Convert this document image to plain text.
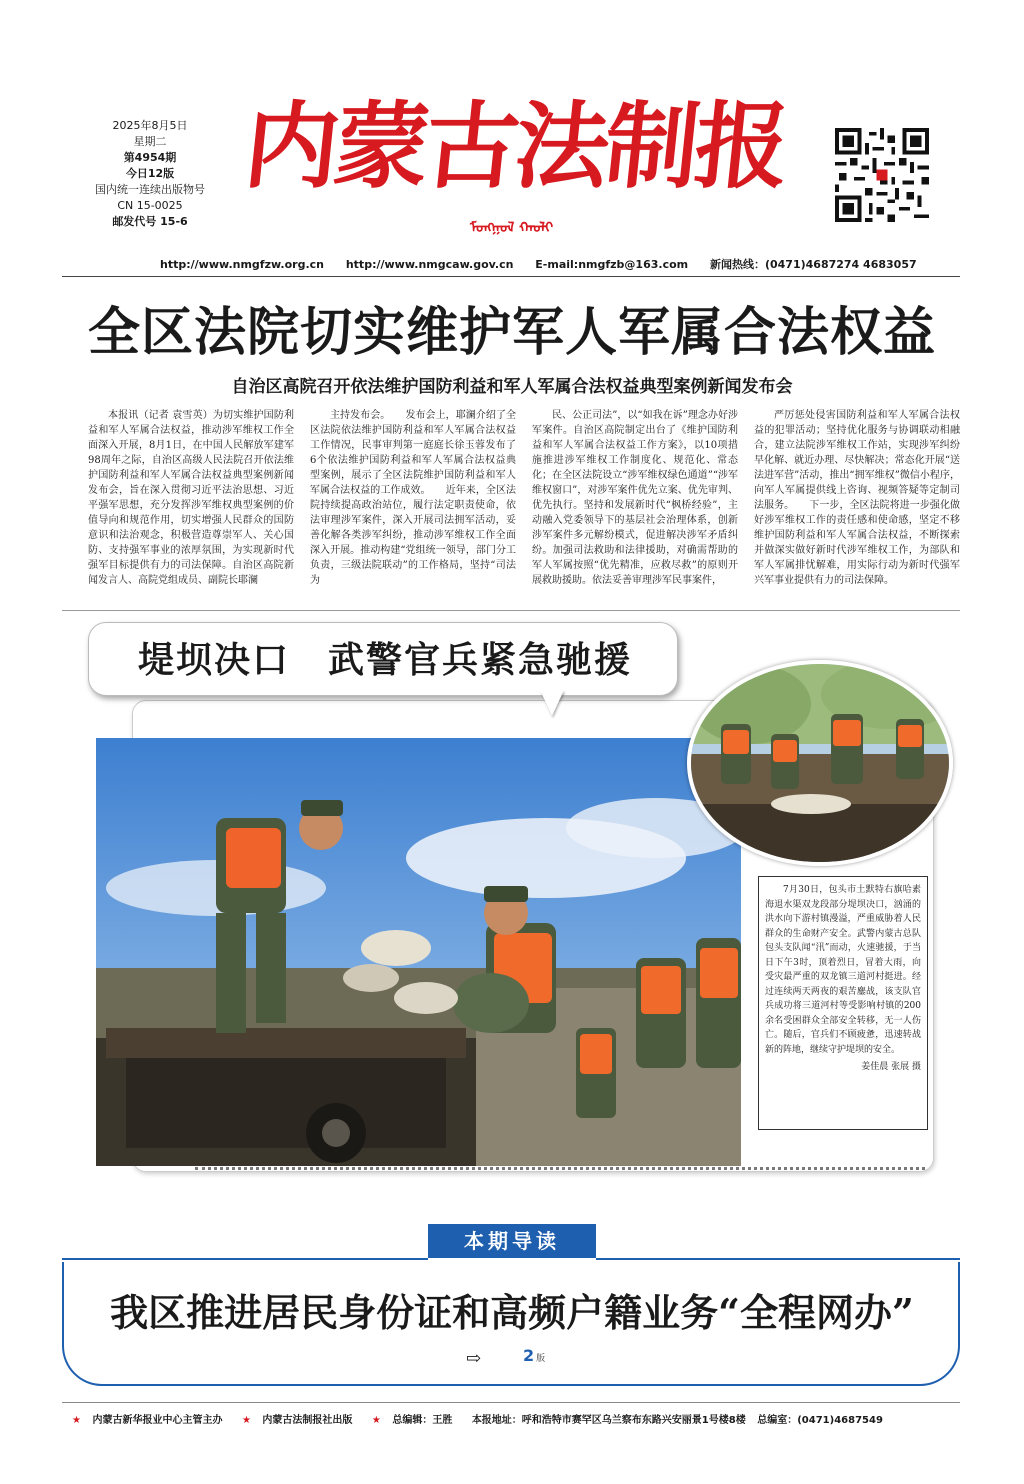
2025年8月5日
星期二
第4954期
今日12版
国内统一连续出版物号
CN 15-0025
邮发代号 15-6
内蒙古法制报
ᠮᠣᠩᠭᠣᠯ ᠬᠠᠤᠯᠢ
http://www.nmgfzw.org.cn http://www.nmgcaw.gov.cn E-mail:nmgfzb@163.com 新闻热线：(0471)4687274 4683057
全区法院切实维护军人军属合法权益
自治区高院召开依法维护国防利益和军人军属合法权益典型案例新闻发布会

本报讯（记者 袁雪英）为切实维护国防利益和军人军属合法权益，推动涉军维权工作全面深入开展，8月1日，在中国人民解放军建军98周年之际，自治区高级人民法院召开依法维护国防利益和军人军属合法权益典型案例新闻发布会，旨在深入贯彻习近平法治思想、习近平强军思想，充分发挥涉军维权典型案例的价值导向和规范作用，切实增强人民群众的国防意识和法治观念，积极营造尊崇军人、关心国防、支持强军事业的浓厚氛围，为实现新时代强军目标提供有力的司法保障。自治区高院新闻发言人、高院党组成员、副院长耶澜

主持发布会。　　发布会上，耶澜介绍了全区法院依法维护国防利益和军人军属合法权益工作情况，民事审判第一庭庭长徐玉蓉发布了6个依法维护国防利益和军人军属合法权益典型案例，展示了全区法院维护国防利益和军人军属合法权益的工作成效。　　近年来，全区法院持续提高政治站位，履行法定职责使命，依法审理涉军案件，深入开展司法拥军活动，妥善化解各类涉军纠纷，推动涉军维权工作全面深入开展。推动构建“党组统一领导，部门分工负责，三级法院联动”的工作格局，坚持“司法为

民、公正司法”，以“如我在诉”理念办好涉军案件。自治区高院制定出台了《维护国防利益和军人军属合法权益工作方案》，以10项措施推进涉军维权工作制度化、规范化、常态化；在全区法院设立“涉军维权绿色通道”“涉军维权窗口”，对涉军案件优先立案、优先审判、优先执行。坚持和发展新时代“枫桥经验”，主动融入党委领导下的基层社会治理体系，创新涉军案件多元解纷模式，促进解决涉军矛盾纠纷。加强司法救助和法律援助，对确需帮助的军人军属按照“优先精准，应救尽救”的原则开展救助援助。依法妥善审理涉军民事案件，

严厉惩处侵害国防利益和军人军属合法权益的犯罪活动；坚持优化服务与协调联动相融合，建立法院涉军维权工作站，实现涉军纠纷早化解、就近办理、尽快解决；常态化开展“送法进军营”活动，推出“拥军维权”微信小程序，向军人军属提供线上咨询、视频答疑等定制司法服务。　　下一步，全区法院将进一步强化做好涉军维权工作的责任感和使命感，坚定不移维护国防利益和军人军属合法权益，不断探索并做深实做好新时代涉军维权工作，为部队和军人军属排忧解难，用实际行动为新时代强军兴军事业提供有力的司法保障。

堤坝决口　武警官兵紧急驰援
7月30日，包头市土默特右旗哈素海退水渠双龙段部分堤坝决口，汹涌的洪水向下游村镇漫溢，严重威胁着人民群众的生命财产安全。武警内蒙古总队包头支队闻“汛”而动，火速驰援，于当日下午3时，顶着烈日，冒着大雨，向受灾最严重的双龙镇三道河村挺进。经过连续两天两夜的艰苦鏖战，该支队官兵成功将三道河村等受影响村镇的200余名受困群众全部安全转移，无一人伤亡。随后，官兵们不顾疲惫，迅速转战新的阵地，继续守护堤坝的安全。
姜佳晨 张展 摄
本期导读
我区推进居民身份证和高频户籍业务“全程网办”
⇨	2 版
★ 内蒙古新华报业中心主管主办 ★ 内蒙古法制报社出版 ★ 总编辑：王胜 本报地址：呼和浩特市赛罕区乌兰察布东路兴安丽景1号楼8楼 总编室：(0471)4687549
